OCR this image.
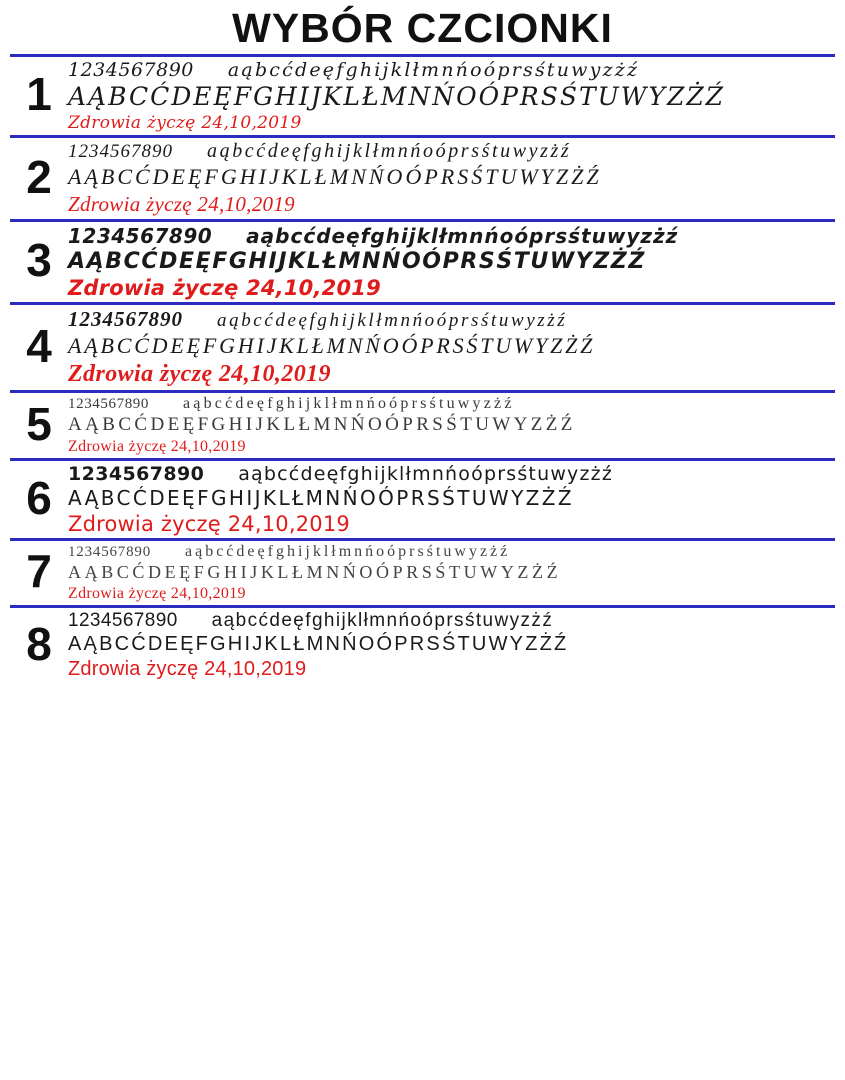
WYBÓR CZCIONKI
1 1234567890 aąbcćdeęfghijklłmnńoóprsśtuwyzżź
AĄBCĆDEĘFGHIJKLŁMNŃOÓPRSŚTUWYZŻŹ
Zdrowia życzę 24,10,2019
2 1234567890 aąbcćdeęfghijklłmnńoóprsśtuwyzżź
AĄBCĆDEĘFGHIJKLŁMNŃOÓPRSŚTUWYZŻŹ
Zdrowia życzę 24,10,2019
3 1234567890 aąbcćdeęfghijklłmnńoóprsśtuwyzżź
AĄBCĆDEĘFGHIJKLŁMNŃOÓPRSŚTUWYZŻŹ
Zdrowia życzę 24,10,2019
4
1234567890 aąbcćdeęfghijklłmnńoóprsśtuwyzżź
AĄBCĆDEĘFGHIJKLŁMNŃOÓPRSŚTUWYZŻŹ
Zdrowia życzę 24,10,2019
5	1234567890 aąbcćdeęfghijklłmnńoóprsśtuwyzżź
AĄBCĆDEĘFGHIJKLŁMNŃOÓPRSŚTUWYZŻŹ
Zdrowia życzę 24,10,2019
6 1234567890 aąbcćdeęfghijklłmnńoóprsśtuwyzżź
AĄBCĆDEĘFGHIJKLŁMNŃOÓPRSŚTUWYZŻŹ
Zdrowia życzę 24,10,2019
7	1234567890 aąbcćdeęfghijklłmnńoóprsśtuwyzżź
AĄBCĆDEĘFGHIJKLŁMNŃOÓPRSŚTUWYZŻŹ
Zdrowia życzę 24,10,2019
8 1234567890 aąbcćdeęfghijklłmnńoóprsśtuwyzżź
AĄBCĆDEĘFGHIJKLŁMNŃOÓPRSŚTUWYZŻŹ
Zdrowia życzę 24,10,2019
